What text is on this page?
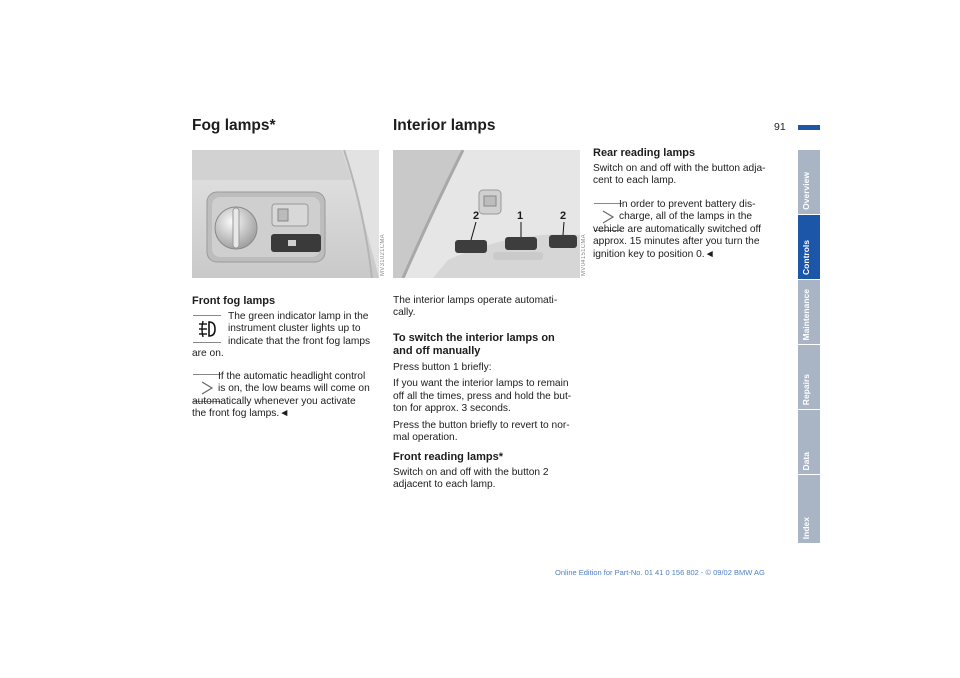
91
Fog lamps*	Interior lamps
MV31021CMA
2	1	2
MV04151CMA
Front fog lamps
The green indicator lamp in the
instrument cluster lights up to
indicate that the front fog lamps
are on.
If the automatic headlight control
is on, the low beams will come on
automatically whenever you activate
the front fog lamps.◄
The interior lamps operate automati-
cally.
To switch the interior lamps on
and off manually
Press button 1 briefly:
If you want the interior lamps to remain
off all the times, press and hold the but-
ton for approx. 3 seconds.
Press the button briefly to revert to nor-
mal operation.
Front reading lamps*
Switch on and off with the button 2
adjacent to each lamp.
Rear reading lamps
Switch on and off with the button adja-
cent to each lamp.
In order to prevent battery dis-
charge, all of the lamps in the
vehicle are automatically switched off
approx. 15 minutes after you turn the
ignition key to position 0.◄
Overview
Controls
Maintenance
Repairs
Data
Index
Online Edition for Part-No. 01 41 0 156 802 - © 09/02 BMW AG
